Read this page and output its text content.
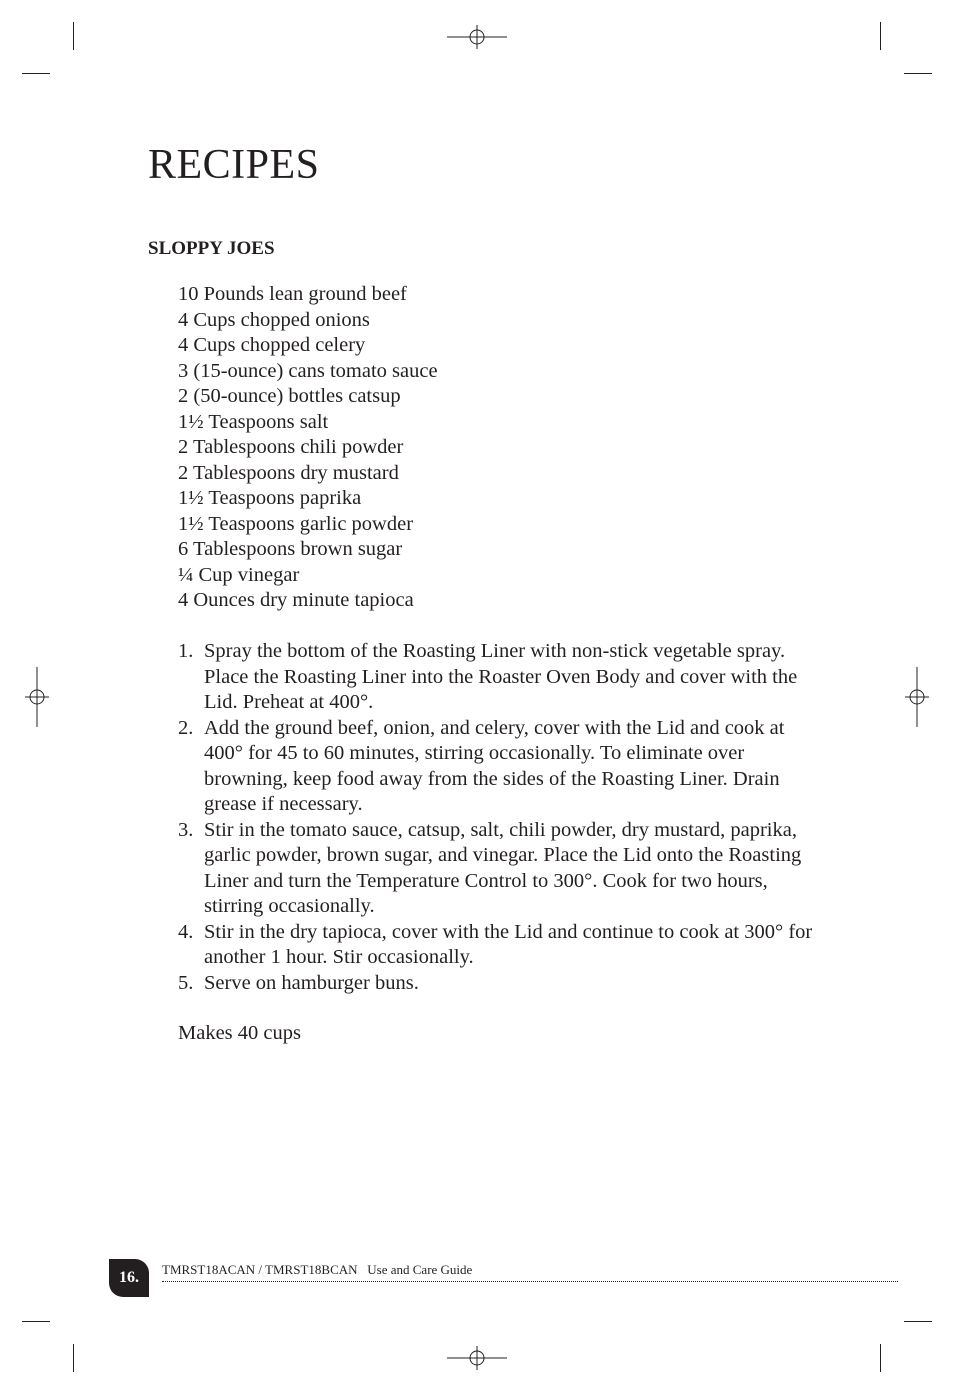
RECIPES
SLOPPY JOES
10 Pounds lean ground beef
4 Cups chopped onions
4 Cups chopped celery
3 (15-ounce) cans tomato sauce
2 (50-ounce) bottles catsup
1½ Teaspoons salt
2 Tablespoons chili powder
2 Tablespoons dry mustard
1½ Teaspoons paprika
1½ Teaspoons garlic powder
6 Tablespoons brown sugar
¼ Cup vinegar
4 Ounces dry minute tapioca
1. Spray the bottom of the Roasting Liner with non-stick vegetable spray. Place the Roasting Liner into the Roaster Oven Body and cover with the Lid. Preheat at 400°.
2. Add the ground beef, onion, and celery, cover with the Lid and cook at 400° for 45 to 60 minutes, stirring occasionally. To eliminate over browning, keep food away from the sides of the Roasting Liner. Drain grease if necessary.
3. Stir in the tomato sauce, catsup, salt, chili powder, dry mustard, paprika, garlic powder, brown sugar, and vinegar. Place the Lid onto the Roasting Liner and turn the Temperature Control to 300°. Cook for two hours, stirring occasionally.
4. Stir in the dry tapioca, cover with the Lid and continue to cook at 300° for another 1 hour. Stir occasionally.
5. Serve on hamburger buns.

Makes 40 cups

16. TMRST18ACAN / TMRST18BCAN   Use and Care Guide
